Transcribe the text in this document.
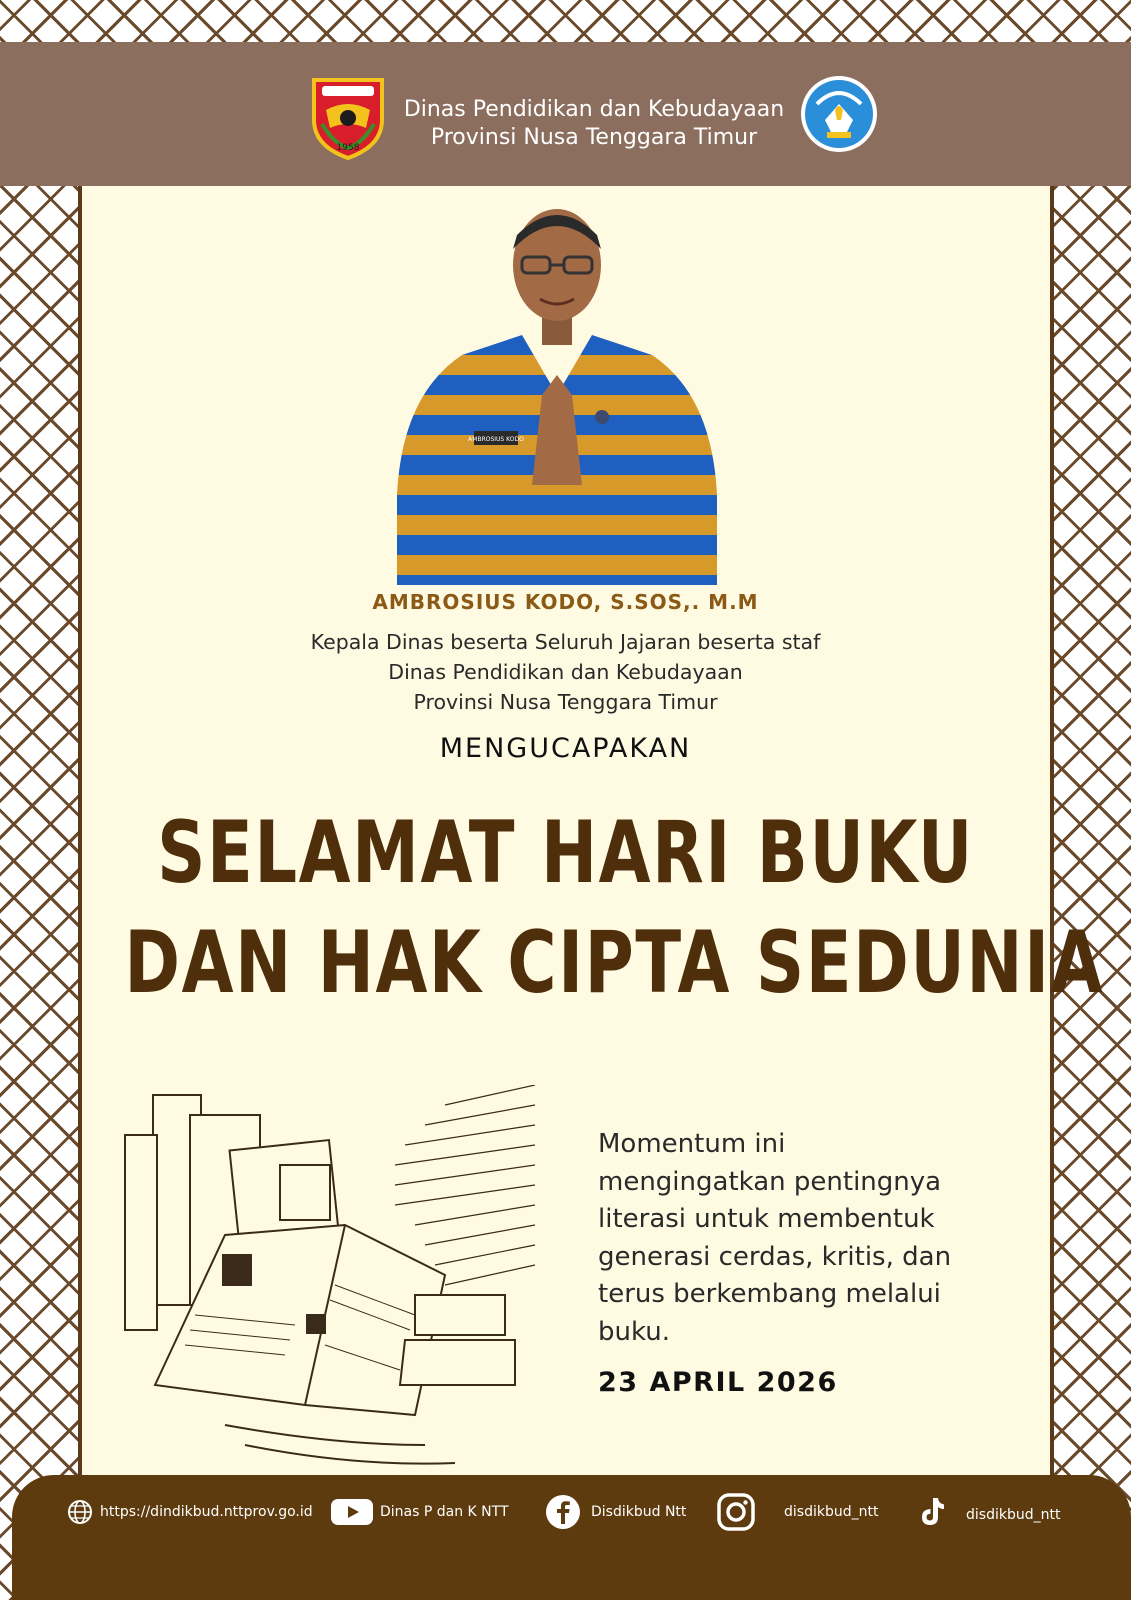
1958
Dinas Pendidikan dan Kebudayaan
Provinsi Nusa Tenggara Timur
AMBROSIUS KODO
AMBROSIUS KODO, S.SOS,. M.M
Kepala Dinas beserta Seluruh Jajaran beserta staf
Dinas Pendidikan dan Kebudayaan
Provinsi Nusa Tenggara Timur
MENGUCAPAKAN
SELAMAT HARI BUKU
DAN HAK CIPTA SEDUNIA
Momentum ini
mengingatkan pentingnya
literasi untuk membentuk
generasi cerdas, kritis, dan
terus berkembang melalui
buku.
23 APRIL 2026
https://dindikbud.nttprov.go.id	Dinas P dan K NTT	Disdikbud Ntt	disdikbud_ntt	disdikbud_ntt
